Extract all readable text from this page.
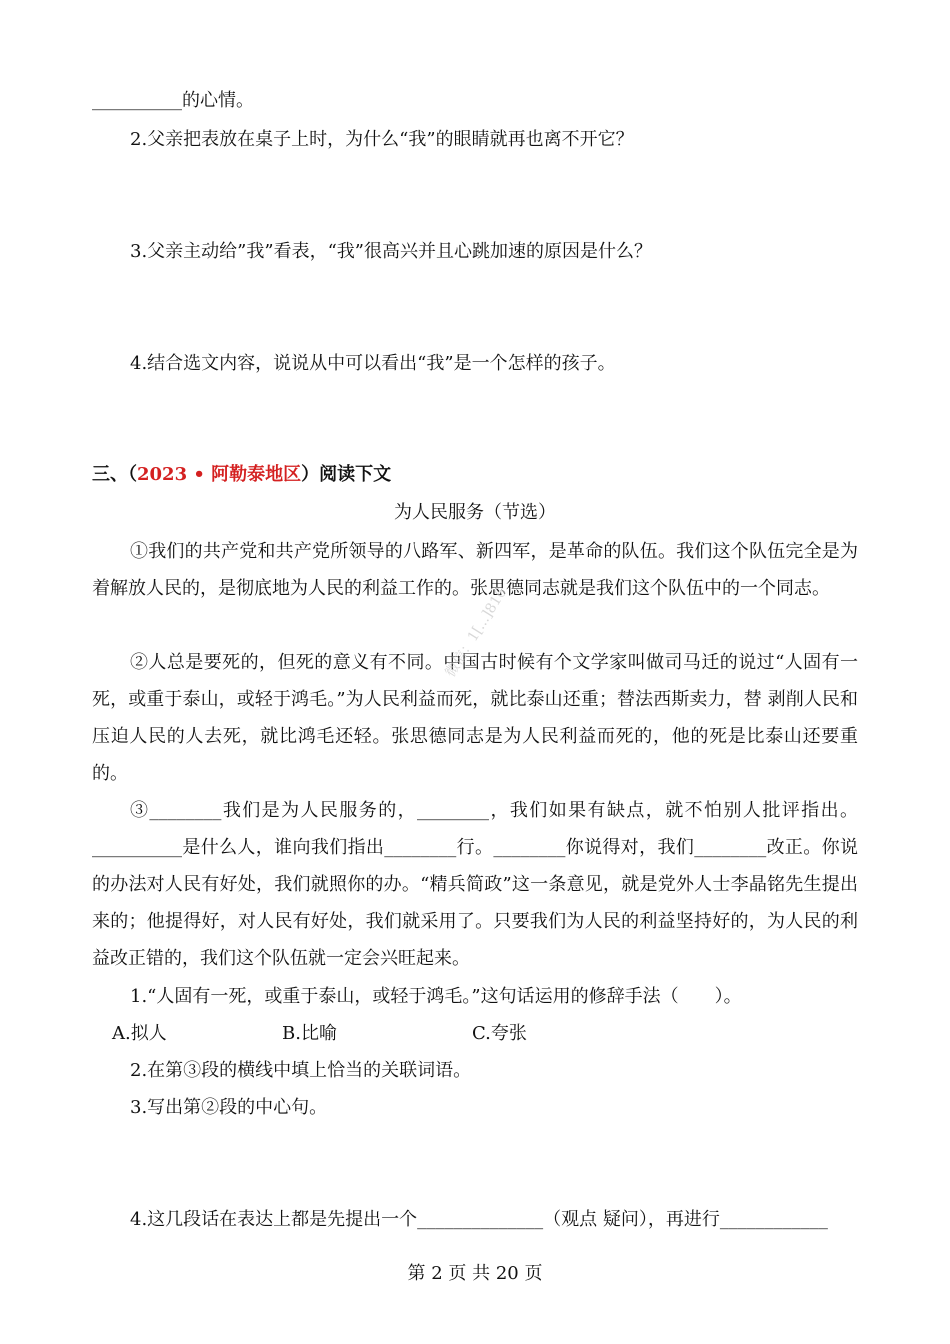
__________的心情。
2.父亲把表放在桌子上时，为什么“我”的眼睛就再也离不开它？
3.父亲主动给”我”看表，“我”很高兴并且心跳加速的原因是什么？
4.结合选文内容，说说从中可以看出“我”是一个怎样的孩子。
三、（2023 • 阿勒泰地区）阅读下文
为人民服务（节选）
①我们的共产党和共产党所领导的八路军、新四军，是革命的队伍。我们这个队伍完全是为着解放人民的，是彻底地为人民的利益工作的。张思德同志就是我们这个队伍中的一个同志。
②人总是要死的，但死的意义有不同。中国古时候有个文学家叫做司马迁的说过“人固有一死，或重于泰山，或轻于鸿毛。”为人民利益而死，就比泰山还重；替法西斯卖力，替 剥削人民和压迫人民的人去死，就比鸿毛还轻。张思德同志是为人民利益而死的，他的死是比泰山还要重的。
③________我们是为人民服务的，________，我们如果有缺点，就不怕别人批评指出。__________是什么人，谁向我们指出________行。________你说得对，我们________改正。你说的办法对人民有好处，我们就照你的办。“精兵简政”这一条意见，就是党外人士李晶铭先生提出来的；他提得好，对人民有好处，我们就采用了。只要我们为人民的利益坚持好的，为人民的利益改正错的，我们这个队伍就一定会兴旺起来。
1.“人固有一死，或重于泰山，或轻于鸿毛。”这句话运用的修辞手法（　　）。
A.拟人	B.比喻	C.夸张
2.在第③段的横线中填上恰当的关联词语。
3.写出第②段的中心句。
4.这几段话在表达上都是先提出一个______________（观点 疑问），再进行____________
微信：1[...]816
第 2 页 共 20 页
